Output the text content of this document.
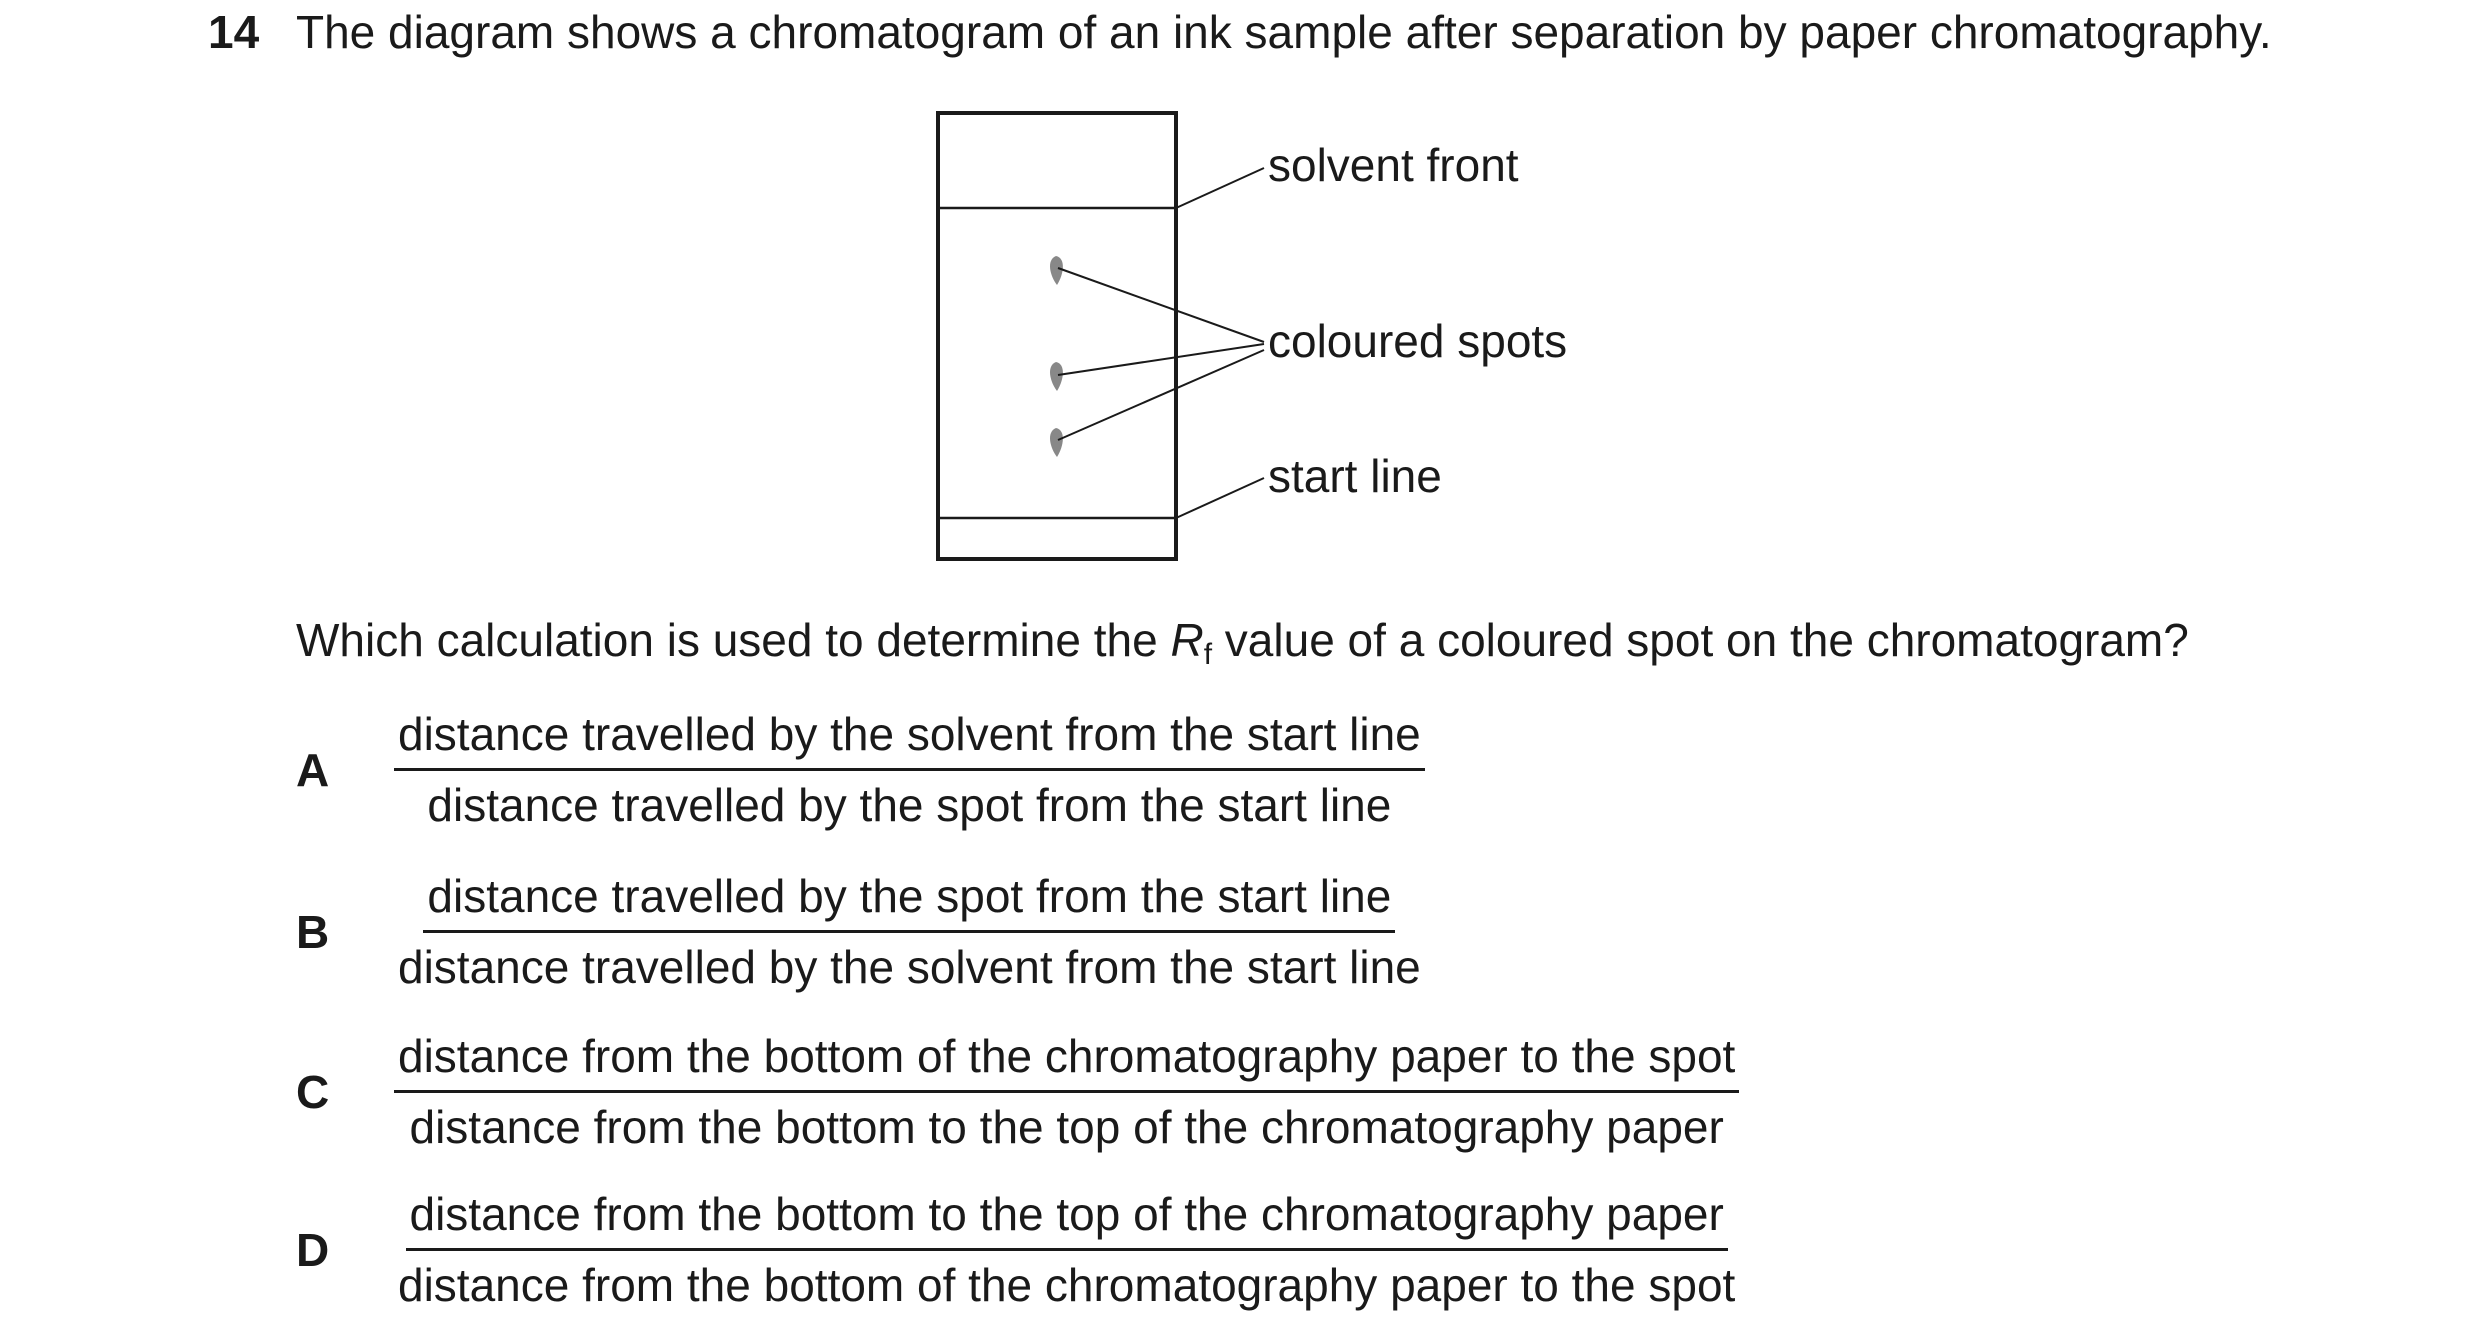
14 The diagram shows a chromatogram of an ink sample after separation by paper chromatography.
solvent front
coloured spots
start line
Which calculation is used to determine the $R_f$ value of a coloured spot on the chromatogram?
A
distance travelled by the solvent from the start line
distance travelled by the spot from the start line
B
distance travelled by the spot from the start line
distance travelled by the solvent from the start line
C
distance from the bottom of the chromatography paper to the spot
distance from the bottom to the top of the chromatography paper
D
distance from the bottom to the top of the chromatography paper
distance from the bottom of the chromatography paper to the spot
